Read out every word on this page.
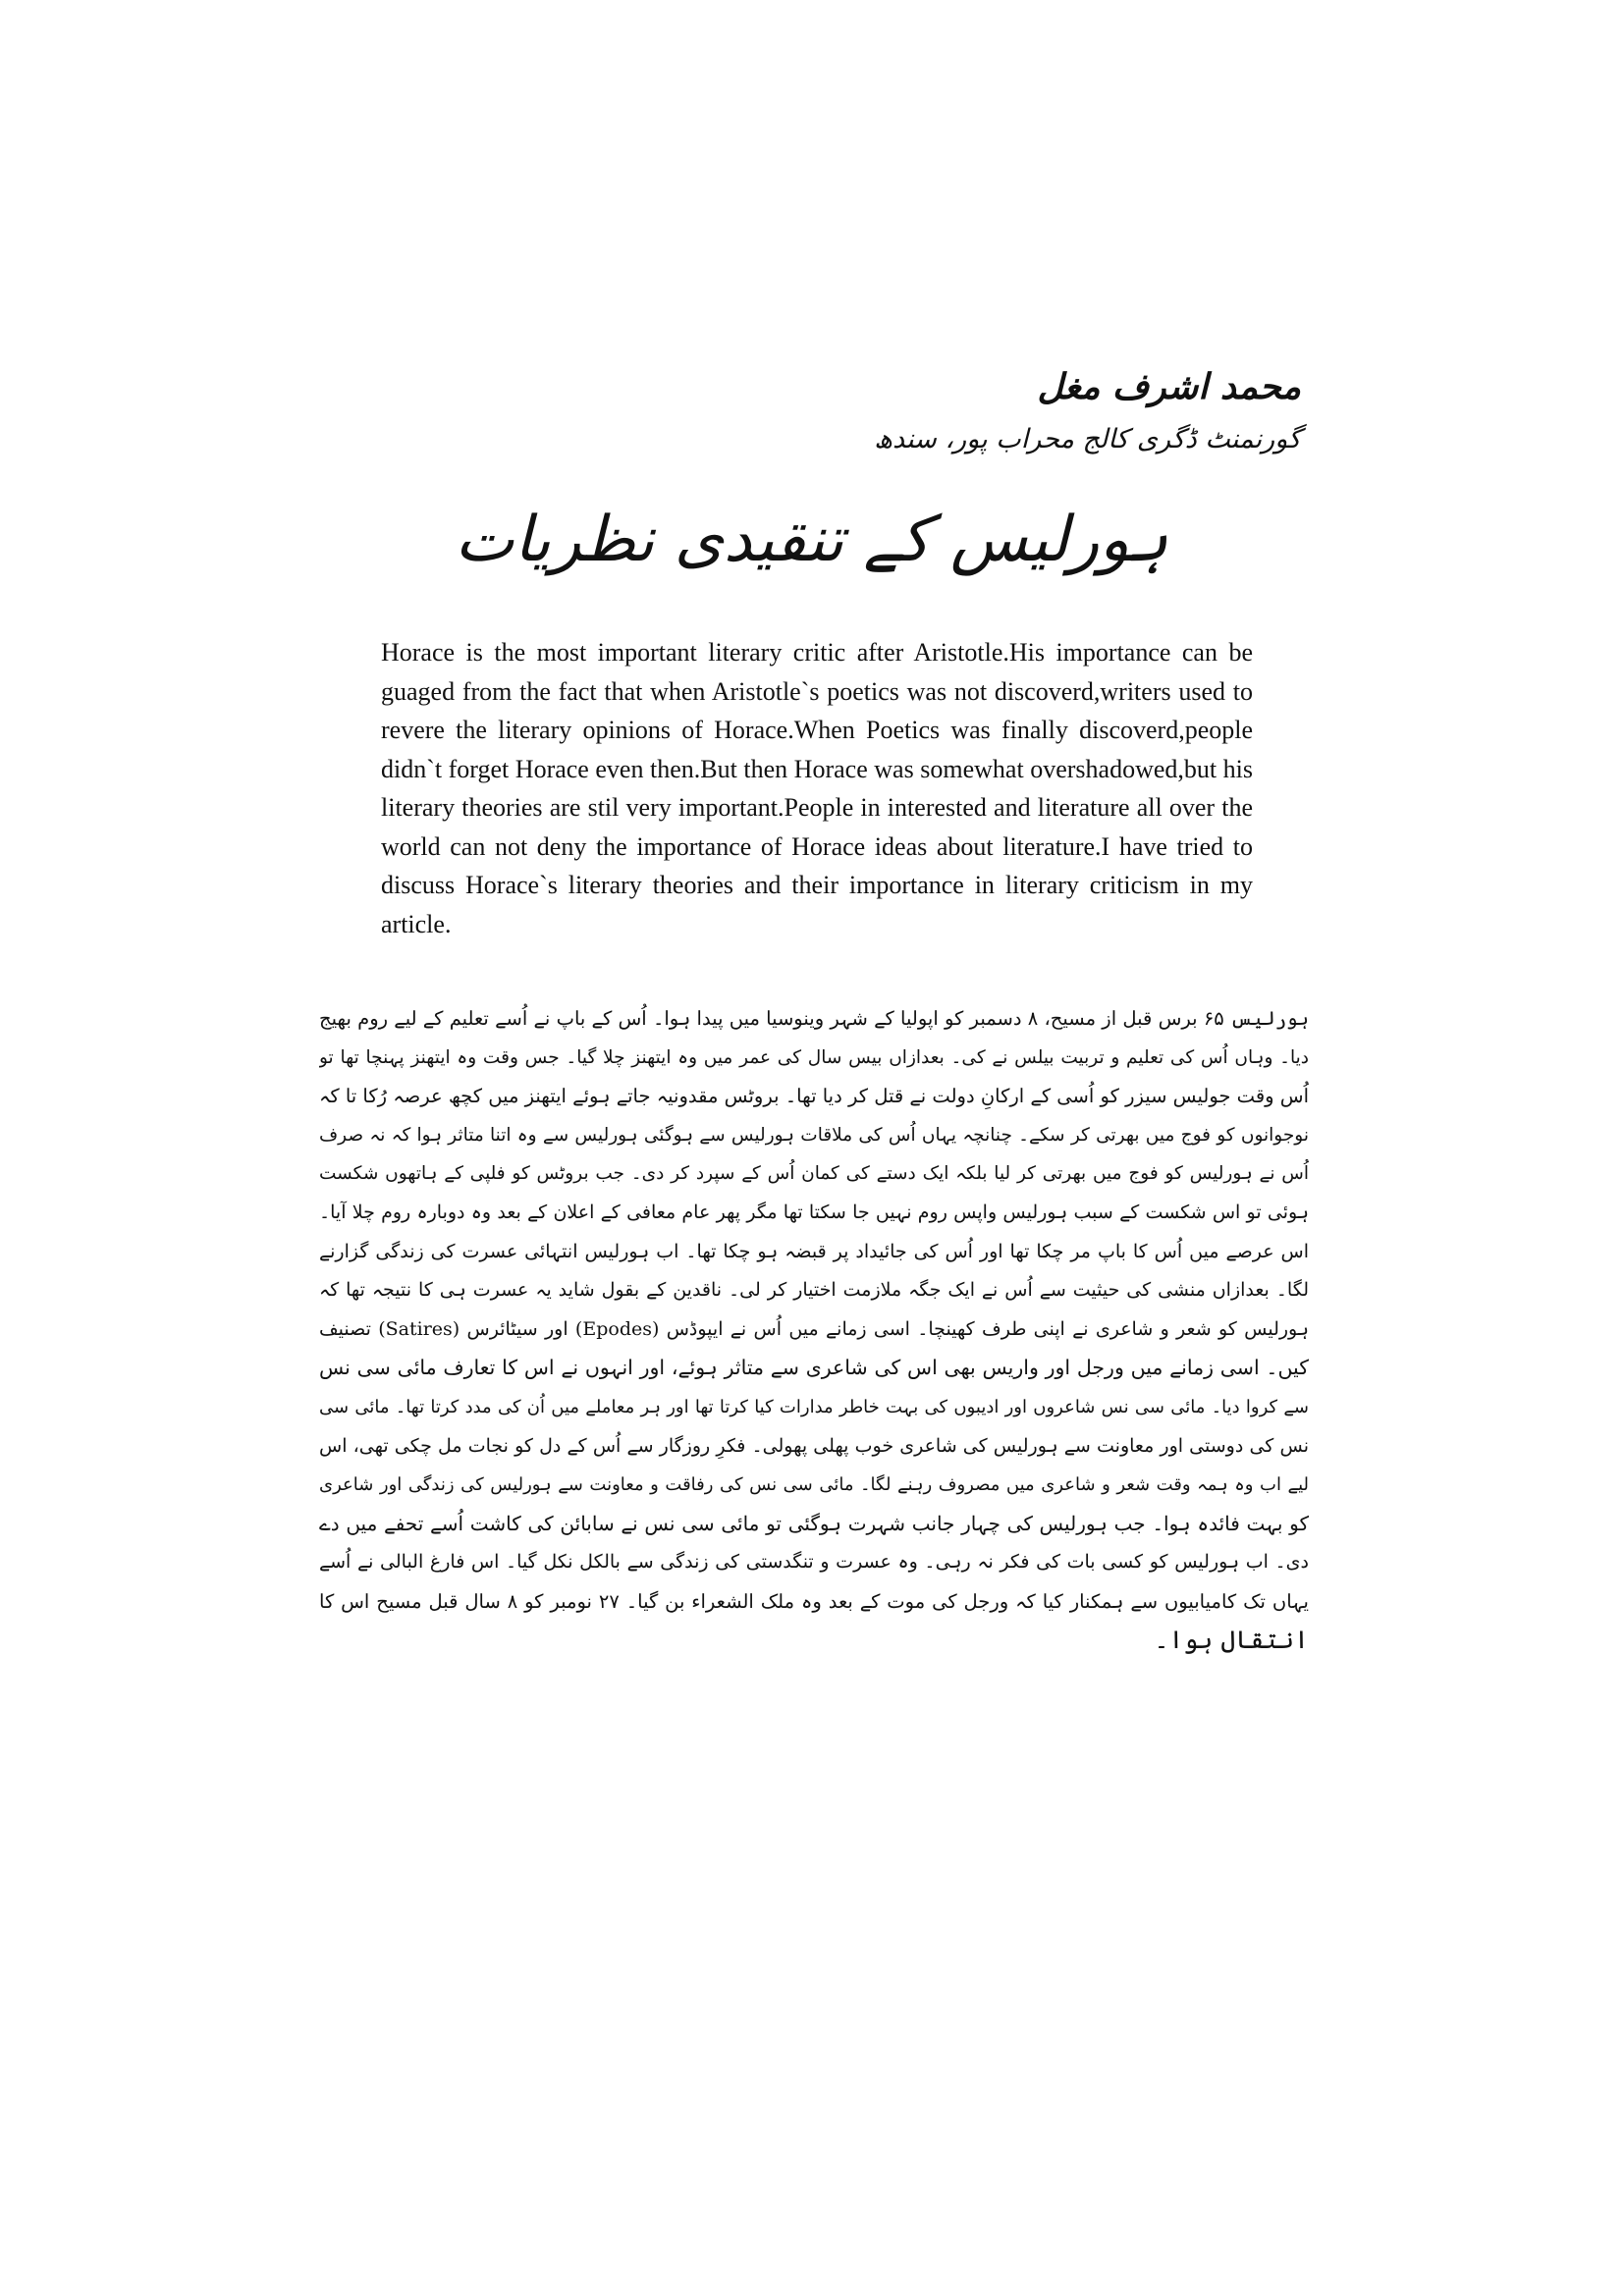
محمد اشرف مغل
گورنمنٹ ڈگری کالج محراب پور، سندھ
ہورلیس کے تنقیدی نظریات

Horace is the most important literary critic after Aristotle.His importance can be guaged from the fact that when Aristotle`s poetics was not discoverd,writers used to revere the literary opinions of Horace.When Poetics was finally discoverd,people didn`t forget Horace even then.But then Horace was somewhat overshadowed,but his literary theories are stil very important.People in interested and literature all over the world can not deny the importance of Horace ideas about literature.I have tried to discuss Horace`s literary theories and their importance in literary criticism in my article.

ہورلیس ۶۵ برس قبل از مسیح، ۸ دسمبر کو اپولیا کے شہر وینوسیا میں پیدا ہوا۔ اُس کے باپ نے اُسے تعلیم کے لیے روم بھیج
دیا۔ وہاں اُس کی تعلیم و تربیت بیلس نے کی۔ بعدازاں بیس سال کی عمر میں وہ ایتھنز چلا گیا۔ جس وقت وہ ایتھنز پہنچا تھا تو
اُس وقت جولیس سیزر کو اُسی کے ارکانِ دولت نے قتل کر دیا تھا۔ بروٹس مقدونیہ جاتے ہوئے ایتھنز میں کچھ عرصہ رُکا تا کہ
نوجوانوں کو فوج میں بھرتی کر سکے۔ چنانچہ یہاں اُس کی ملاقات ہورلیس سے ہوگئی ہورلیس سے وہ اتنا متاثر ہوا کہ نہ صرف
اُس نے ہورلیس کو فوج میں بھرتی کر لیا بلکہ ایک دستے کی کمان اُس کے سپرد کر دی۔ جب بروٹس کو فلپی کے ہاتھوں شکست
ہوئی تو اس شکست کے سبب ہورلیس واپس روم نہیں جا سکتا تھا مگر پھر عام معافی کے اعلان کے بعد وہ دوبارہ روم چلا آیا۔
اس عرصے میں اُس کا باپ مر چکا تھا اور اُس کی جائیداد پر قبضہ ہو چکا تھا۔ اب ہورلیس انتہائی عسرت کی زندگی گزارنے
لگا۔ بعدازاں منشی کی حیثیت سے اُس نے ایک جگہ ملازمت اختیار کر لی۔ ناقدین کے بقول شاید یہ عسرت ہی کا نتیجہ تھا کہ
ہورلیس کو شعر و شاعری نے اپنی طرف کھینچا۔ اسی زمانے میں اُس نے ایپوڈس (Epodes) اور سیٹائرس (Satires) تصنیف
کیں۔ اسی زمانے میں ورجل اور واریس بھی اس کی شاعری سے متاثر ہوئے، اور انہوں نے اس کا تعارف مائی سی نس
سے کروا دیا۔ مائی سی نس شاعروں اور ادیبوں کی بہت خاطر مدارات کیا کرتا تھا اور ہر معاملے میں اُن کی مدد کرتا تھا۔ مائی سی
نس کی دوستی اور معاونت سے ہورلیس کی شاعری خوب پھلی پھولی۔ فکرِ روزگار سے اُس کے دل کو نجات مل چکی تھی، اس
لیے اب وہ ہمہ وقت شعر و شاعری میں مصروف رہنے لگا۔ مائی سی نس کی رفاقت و معاونت سے ہورلیس کی زندگی اور شاعری
کو بہت فائدہ ہوا۔ جب ہورلیس کی چہار جانب شہرت ہوگئی تو مائی سی نس نے سابائن کی کاشت اُسے تحفے میں دے
دی۔ اب ہورلیس کو کسی بات کی فکر نہ رہی۔ وہ عسرت و تنگدستی کی زندگی سے بالکل نکل گیا۔ اس فارغ البالی نے اُسے
یہاں تک کامیابیوں سے ہمکنار کیا کہ ورجل کی موت کے بعد وہ ملک الشعراء بن گیا۔ ۲۷ نومبر کو ۸ سال قبل مسیح اس کا
انتقال ہوا۔
